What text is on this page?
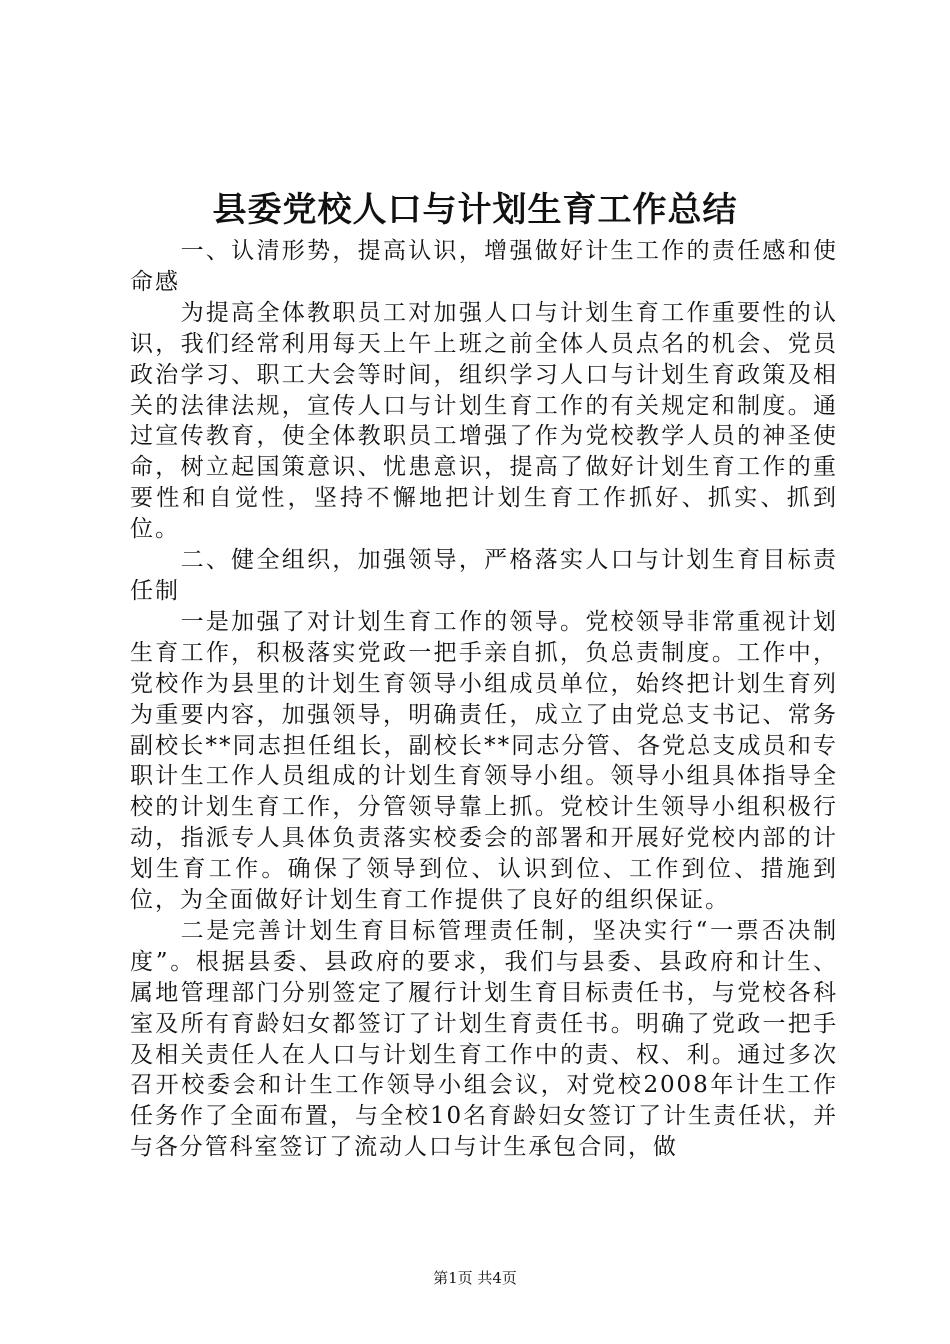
县委党校人口与计划生育工作总结

一、认清形势，提高认识，增强做好计生工作的责任感和使命感

为提高全体教职员工对加强人口与计划生育工作重要性的认识，我们经常利用每天上午上班之前全体人员点名的机会、党员政治学习、职工大会等时间，组织学习人口与计划生育政策及相关的法律法规，宣传人口与计划生育工作的有关规定和制度。通过宣传教育，使全体教职员工增强了作为党校教学人员的神圣使命，树立起国策意识、忧患意识，提高了做好计划生育工作的重要性和自觉性，坚持不懈地把计划生育工作抓好、抓实、抓到位。

二、健全组织，加强领导，严格落实人口与计划生育目标责任制

一是加强了对计划生育工作的领导。党校领导非常重视计划生育工作，积极落实党政一把手亲自抓，负总责制度。工作中，党校作为县里的计划生育领导小组成员单位，始终把计划生育列为重要内容，加强领导，明确责任，成立了由党总支书记、常务副校长**同志担任组长，副校长**同志分管、各党总支成员和专职计生工作人员组成的计划生育领导小组。领导小组具体指导全校的计划生育工作，分管领导靠上抓。党校计生领导小组积极行动，指派专人具体负责落实校委会的部署和开展好党校内部的计划生育工作。确保了领导到位、认识到位、工作到位、措施到位，为全面做好计划生育工作提供了良好的组织保证。

二是完善计划生育目标管理责任制，坚决实行“一票否决制度”。根据县委、县政府的要求，我们与县委、县政府和计生、属地管理部门分别签定了履行计划生育目标责任书，与党校各科室及所有育龄妇女都签订了计划生育责任书。明确了党政一把手及相关责任人在人口与计划生育工作中的责、权、利。通过多次召开校委会和计生工作领导小组会议，对党校2008年计生工作任务作了全面布置，与全校10名育龄妇女签订了计生责任状，并与各分管科室签订了流动人口与计生承包合同，做

第1页 共4页
